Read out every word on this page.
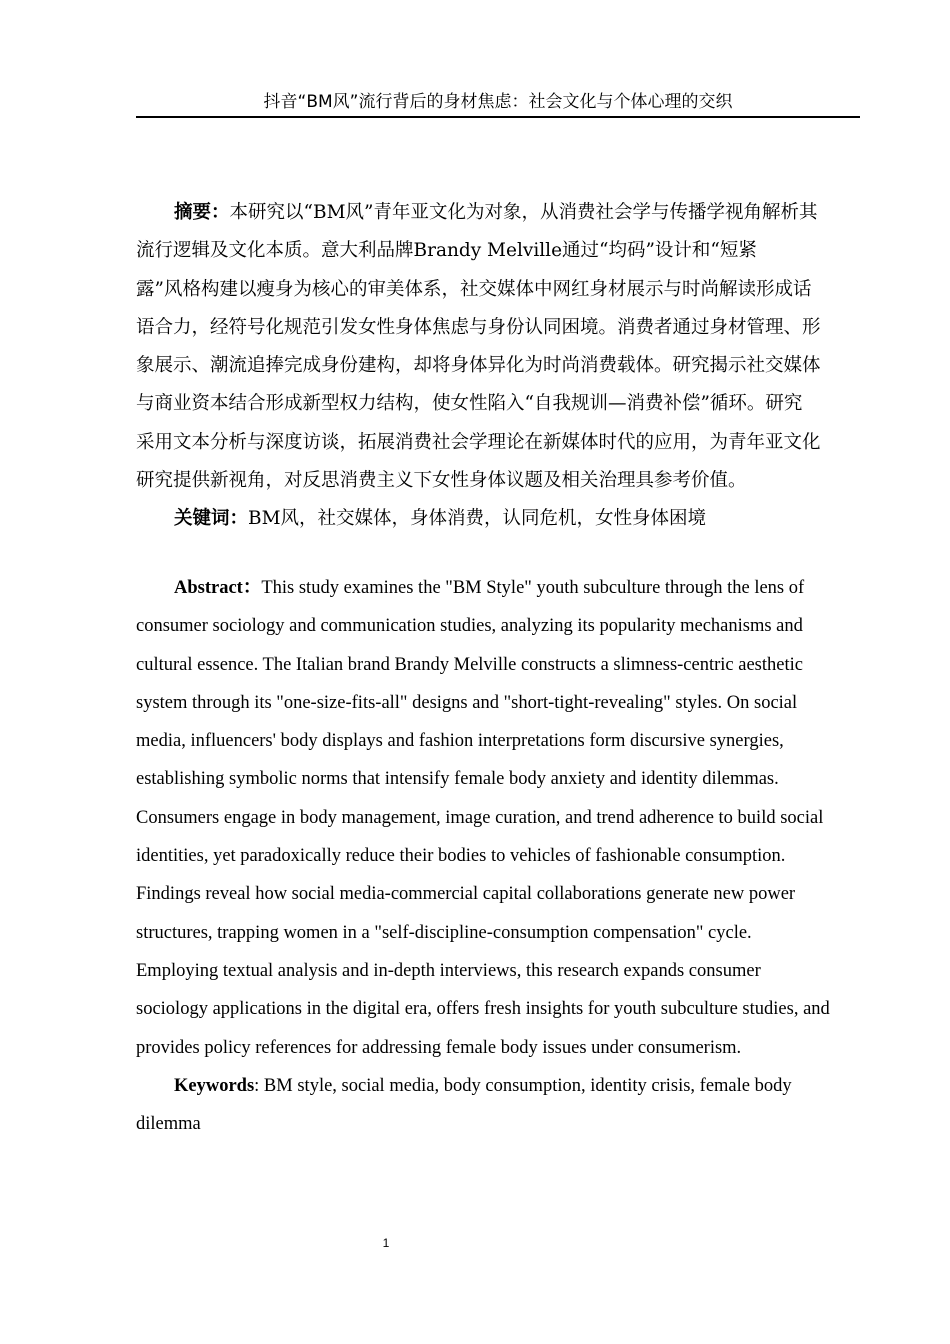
抖音“BM风”流行背后的身材焦虑：社会文化与个体心理的交织
摘要：本研究以“BM风”青年亚文化为对象，从消费社会学与传播学视角解析其
流行逻辑及文化本质。意大利品牌Brandy Melville通过“均码”设计和“短紧
露”风格构建以瘦身为核心的审美体系，社交媒体中网红身材展示与时尚解读形成话
语合力，经符号化规范引发女性身体焦虑与身份认同困境。消费者通过身材管理、形
象展示、潮流追捧完成身份建构，却将身体异化为时尚消费载体。研究揭示社交媒体
与商业资本结合形成新型权力结构，使女性陷入“自我规训—消费补偿”循环。研究
采用文本分析与深度访谈，拓展消费社会学理论在新媒体时代的应用，为青年亚文化
研究提供新视角，对反思消费主义下女性身体议题及相关治理具参考价值。
关键词：BM风，社交媒体，身体消费，认同危机，女性身体困境
Abstract：This study examines the "BM Style" youth subculture through the lens of
consumer sociology and communication studies, analyzing its popularity mechanisms and
cultural essence. The Italian brand Brandy Melville constructs a slimness-centric aesthetic
system through its "one-size-fits-all" designs and "short-tight-revealing" styles. On social
media, influencers' body displays and fashion interpretations form discursive synergies,
establishing symbolic norms that intensify female body anxiety and identity dilemmas.
Consumers engage in body management, image curation, and trend adherence to build social
identities, yet paradoxically reduce their bodies to vehicles of fashionable consumption.
Findings reveal how social media-commercial capital collaborations generate new power
structures, trapping women in a "self-discipline-consumption compensation" cycle.
Employing textual analysis and in-depth interviews, this research expands consumer
sociology applications in the digital era, offers fresh insights for youth subculture studies, and
provides policy references for addressing female body issues under consumerism.
Keywords: BM style, social media, body consumption, identity crisis, female body
dilemma
1
